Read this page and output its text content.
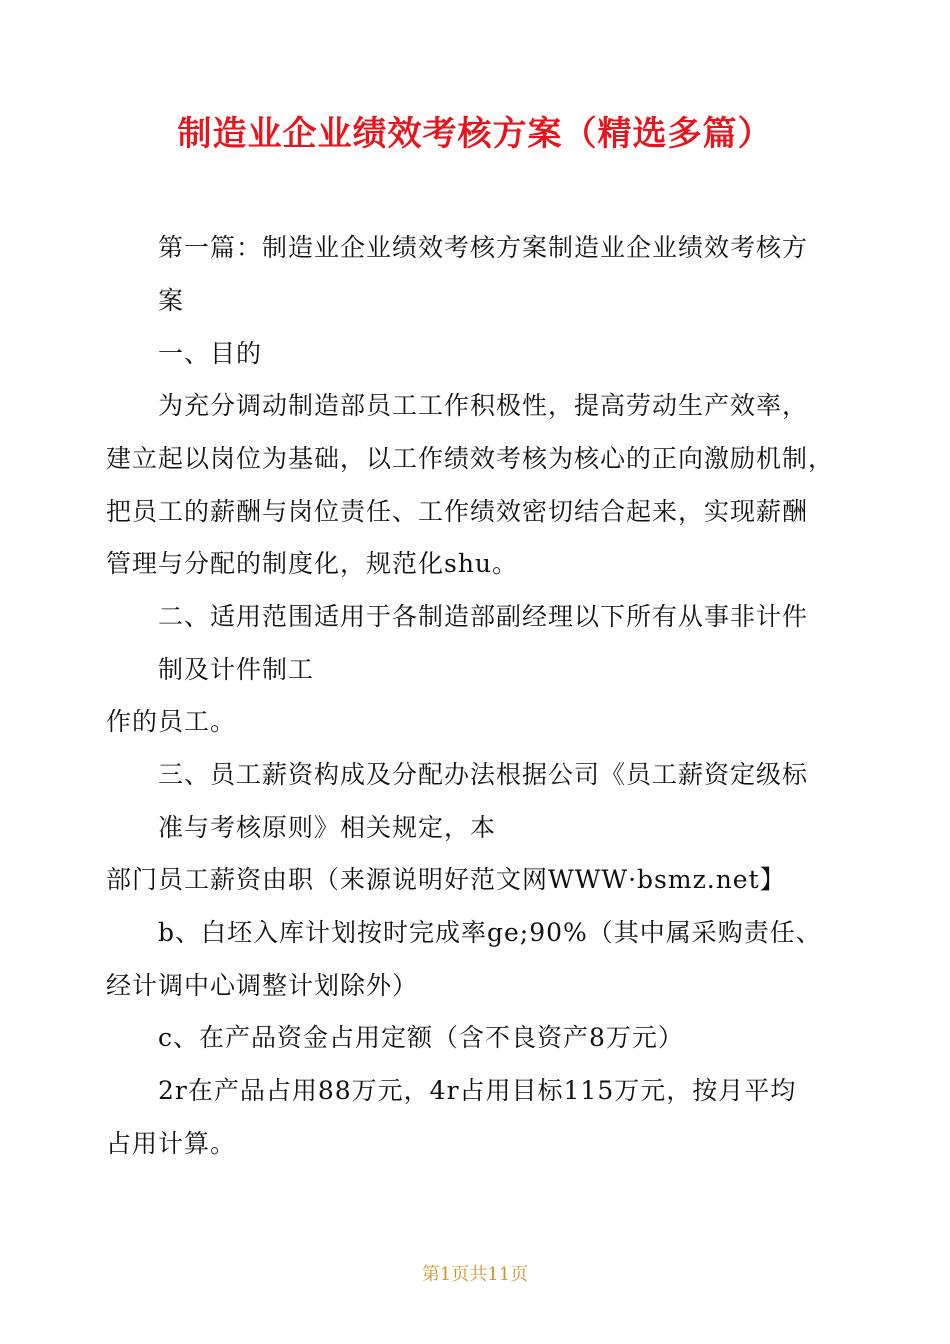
制造业企业绩效考核方案（精选多篇）

第一篇：制造业企业绩效考核方案制造业企业绩效考核方

案

一、目的

为充分调动制造部员工工作积极性，提高劳动生产效率，

建立起以岗位为基础，以工作绩效考核为核心的正向激励机制，

把员工的薪酬与岗位责任、工作绩效密切结合起来，实现薪酬

管理与分配的制度化，规范化shu。

二、适用范围适用于各制造部副经理以下所有从事非计件

制及计件制工

作的员工。

三、员工薪资构成及分配办法根据公司《员工薪资定级标

准与考核原则》相关规定，本

部门员工薪资由职（来源说明好范文网WWW·bsmz.net】

b、白坯入库计划按时完成率ge;90%（其中属采购责任、

经计调中心调整计划除外）

c、在产品资金占用定额（含不良资产8万元）

2r在产品占用88万元，4r占用目标115万元，按月平均

占用计算。

第1页共11页
